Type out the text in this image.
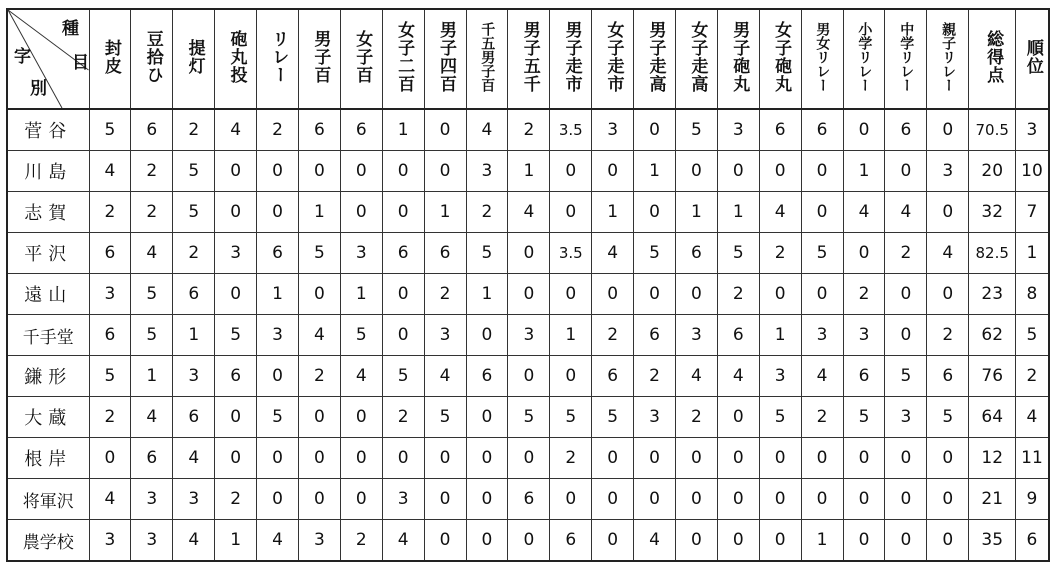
種
字 目
別	封皮	豆拾ひ	提灯	砲丸投	リレー	男子百	女子百	女子二百	男子四百	千五男子百	男子五千	男子走市	女子走市	男子走高	女子走高	男子砲丸	女子砲丸	男女リレー	小学リレー	中学リレー	親子リレー	総得点	順位
菅谷	5	6	2	4	2	6	6	1	0	4	2	3.5	3	0	5	3	6	6	0	6	0	70.5	3
川島	4	2	5	0	0	0	0	0	0	3	1	0	0	1	0	0	0	0	1	0	3	20	10
志賀	2	2	5	0	0	1	0	0	1	2	4	0	1	0	1	1	4	0	4	4	0	32	7
平沢	6	4	2	3	6	5	3	6	6	5	0	3.5	4	5	6	5	2	5	0	2	4	82.5	1
遠山	3	5	6	0	1	0	1	0	2	1	0	0	0	0	0	2	0	0	2	0	0	23	8
千手堂	6	5	1	5	3	4	5	0	3	0	3	1	2	6	3	6	1	3	3	0	2	62	5
鎌形	5	1	3	6	0	2	4	5	4	6	0	0	6	2	4	4	3	4	6	5	6	76	2
大蔵	2	4	6	0	5	0	0	2	5	0	5	5	5	3	2	0	5	2	5	3	5	64	4
根岸	0	6	4	0	0	0	0	0	0	0	0	2	0	0	0	0	0	0	0	0	0	12	11
将軍沢	4	3	3	2	0	0	0	3	0	0	6	0	0	0	0	0	0	0	0	0	0	21	9
農学校	3	3	4	1	4	3	2	4	0	0	0	6	0	4	0	0	0	1	0	0	0	35	6
